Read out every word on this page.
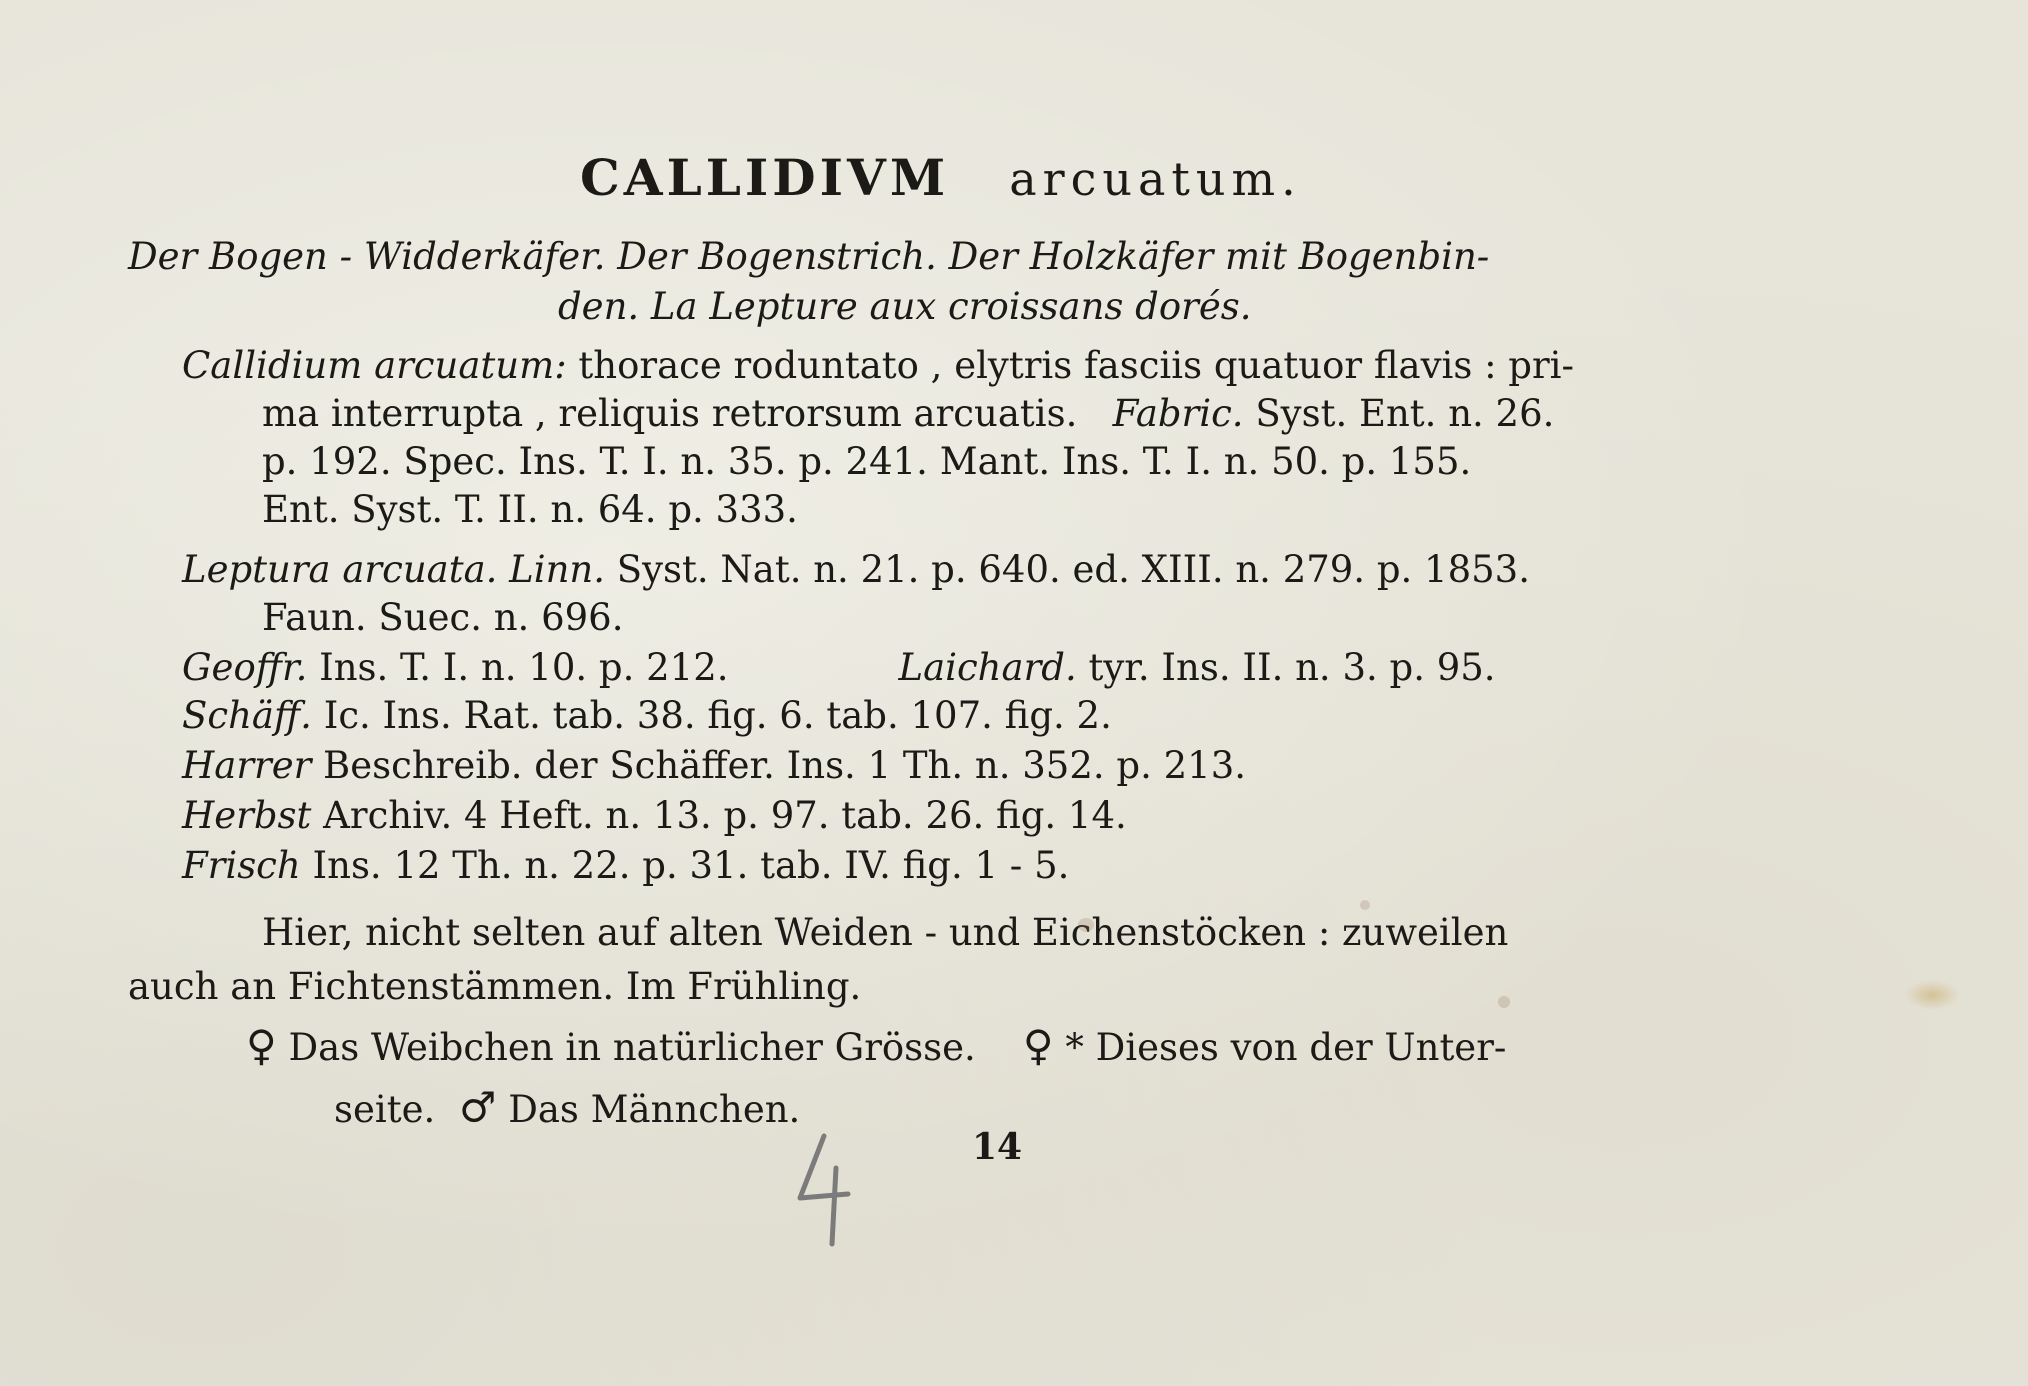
CALLIDIVM arcuatum.
Der Bogen - Widderkäfer. Der Bogenstrich. Der Holzkäfer mit Bogenbin-
den. La Lepture aux croissans dorés.
Callidium arcuatum: thorace roduntato , elytris fasciis quatuor flavis : pri-
ma interrupta , reliquis retrorsum arcuatis. Fabric. Syst. Ent. n. 26.
p. 192. Spec. Ins. T. I. n. 35. p. 241. Mant. Ins. T. I. n. 50. p. 155.
Ent. Syst. T. II. n. 64. p. 333.
Leptura arcuata. Linn. Syst. Nat. n. 21. p. 640. ed. XIII. n. 279. p. 1853.
Faun. Suec. n. 696.
Geoffr. Ins. T. I. n. 10. p. 212.	Laichard. tyr. Ins. II. n. 3. p. 95.
Schäff. Ic. Ins. Rat. tab. 38. fig. 6. tab. 107. fig. 2.
Harrer Beschreib. der Schäffer. Ins. 1 Th. n. 352. p. 213.
Herbst Archiv. 4 Heft. n. 13. p. 97. tab. 26. fig. 14.
Frisch Ins. 12 Th. n. 22. p. 31. tab. IV. fig. 1 - 5.
Hier, nicht selten auf alten Weiden - und Eichenstöcken : zuweilen
auch an Fichtenstämmen. Im Frühling.
♀ Das Weibchen in natürlicher Grösse. ♀ * Dieses von der Unter-
seite. ♂ Das Männchen.
14
